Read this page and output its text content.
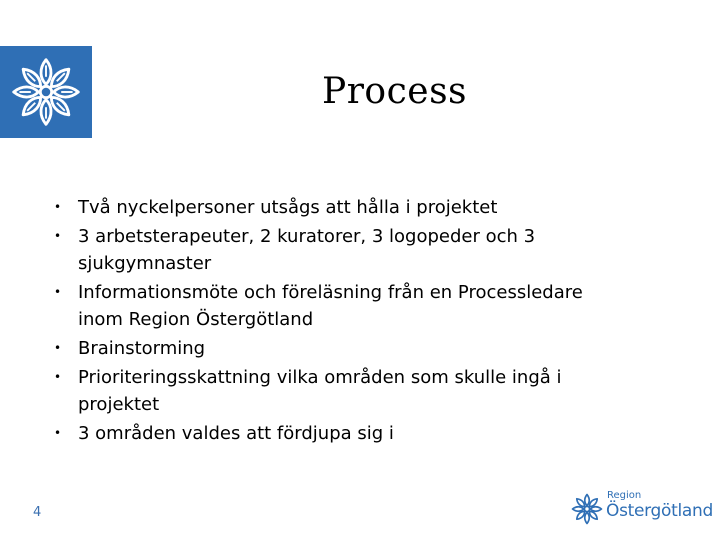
Process
• Två nyckelpersoner utsågs att hålla i projektet
• 3 arbetsterapeuter, 2 kuratorer, 3 logopeder och 3 sjukgymnaster
• Informationsmöte och föreläsning från en Processledare inom Region Östergötland
• Brainstorming
• Prioriteringsskattning vilka områden som skulle ingå i projektet
• 3 områden valdes att fördjupa sig i
4
Region
Östergötland
